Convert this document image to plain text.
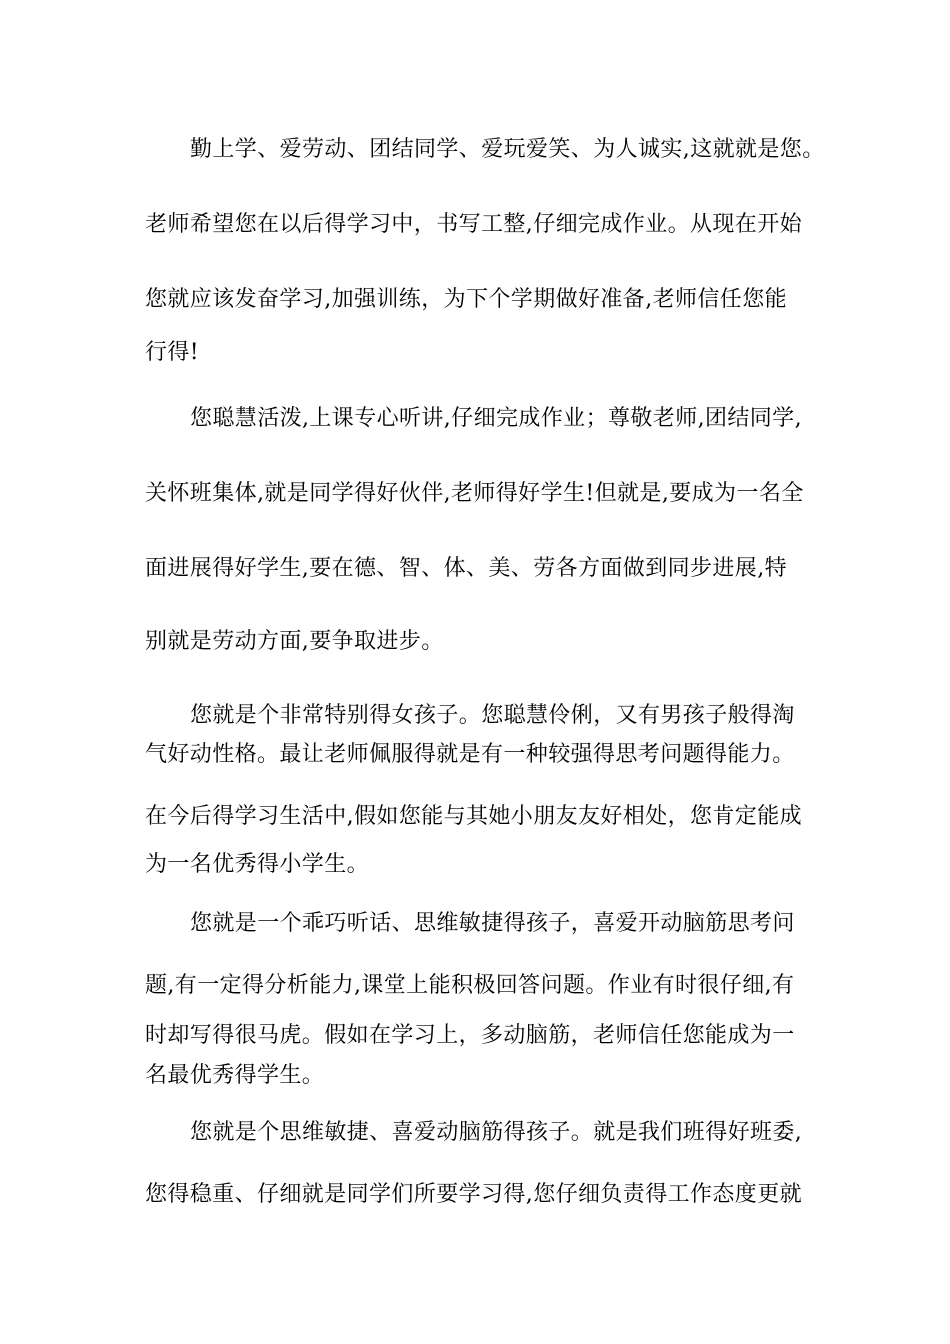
勤上学、爱劳动、团结同学、爱玩爱笑、为人诚实,这就就是您。
老师希望您在以后得学习中，书写工整,仔细完成作业。从现在开始
您就应该发奋学习,加强训练，为下个学期做好准备,老师信任您能
行得!
您聪慧活泼,上课专心听讲,仔细完成作业；尊敬老师,团结同学,
关怀班集体,就是同学得好伙伴,老师得好学生!但就是,要成为一名全
面进展得好学生,要在德、智、体、美、劳各方面做到同步进展,特
别就是劳动方面,要争取进步。
您就是个非常特别得女孩子。您聪慧伶俐，又有男孩子般得淘
气好动性格。最让老师佩服得就是有一种较强得思考问题得能力。
在今后得学习生活中,假如您能与其她小朋友友好相处，您肯定能成
为一名优秀得小学生。
您就是一个乖巧听话、思维敏捷得孩子，喜爱开动脑筋思考问
题,有一定得分析能力,课堂上能积极回答问题。作业有时很仔细,有
时却写得很马虎。假如在学习上，多动脑筋，老师信任您能成为一
名最优秀得学生。
您就是个思维敏捷、喜爱动脑筋得孩子。就是我们班得好班委,
您得稳重、仔细就是同学们所要学习得,您仔细负责得工作态度更就
